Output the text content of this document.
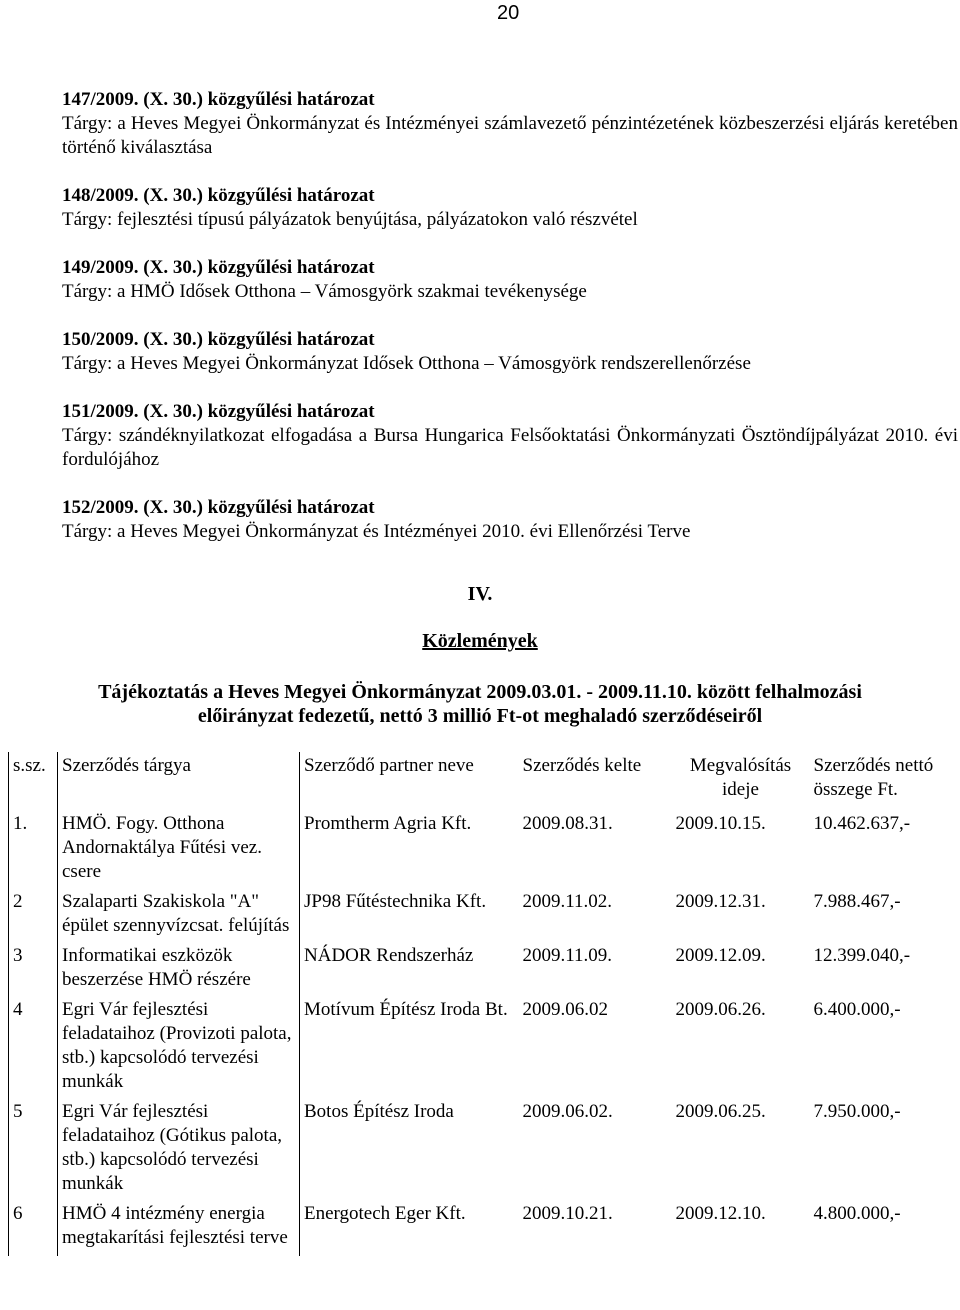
20
147/2009. (X. 30.) közgyűlési határozat
Tárgy: a Heves Megyei Önkormányzat és Intézményei számlavezető pénzintézetének közbeszerzési eljárás keretében történő kiválasztása
148/2009. (X. 30.) közgyűlési határozat
Tárgy: fejlesztési típusú pályázatok benyújtása, pályázatokon való részvétel
149/2009. (X. 30.) közgyűlési határozat
Tárgy: a HMÖ Idősek Otthona – Vámosgyörk szakmai tevékenysége
150/2009. (X. 30.) közgyűlési határozat
Tárgy: a Heves Megyei Önkormányzat Idősek Otthona – Vámosgyörk rendszerellenőrzése
151/2009. (X. 30.) közgyűlési határozat
Tárgy: szándéknyilatkozat elfogadása a Bursa Hungarica Felsőoktatási Önkormányzati Ösztöndíjpályázat 2010. évi fordulójához
152/2009. (X. 30.) közgyűlési határozat
Tárgy: a Heves Megyei Önkormányzat és Intézményei 2010. évi Ellenőrzési Terve
IV.
Közlemények
Tájékoztatás a Heves Megyei Önkormányzat 2009.03.01. - 2009.11.10. között felhalmozási
előirányzat fedezetű, nettó 3 millió Ft-ot meghaladó szerződéseiről
s.sz.	Szerződés tárgya	Szerződő partner neve	Szerződés kelte	Megvalósítás ideje	Szerződés nettó összege Ft.
1.	HMÖ. Fogy. Otthona Andornaktálya Fűtési vez. csere	Promtherm Agria Kft.	2009.08.31.	2009.10.15.	10.462.637,-
2	Szalaparti Szakiskola "A" épület szennyvízcsat. felújítás	JP98 Fűtéstechnika Kft.	2009.11.02.	2009.12.31.	7.988.467,-
3	Informatikai eszközök beszerzése HMÖ részére	NÁDOR Rendszerház	2009.11.09.	2009.12.09.	12.399.040,-
4	Egri Vár fejlesztési feladataihoz (Provizoti palota, stb.) kapcsolódó tervezési munkák	Motívum Építész Iroda Bt.	2009.06.02	2009.06.26.	6.400.000,-
5	Egri Vár fejlesztési feladataihoz (Gótikus palota, stb.) kapcsolódó tervezési munkák	Botos Építész Iroda	2009.06.02.	2009.06.25.	7.950.000,-
6	HMÖ 4 intézmény energia megtakarítási fejlesztési terve	Energotech Eger Kft.	2009.10.21.	2009.12.10.	4.800.000,-
